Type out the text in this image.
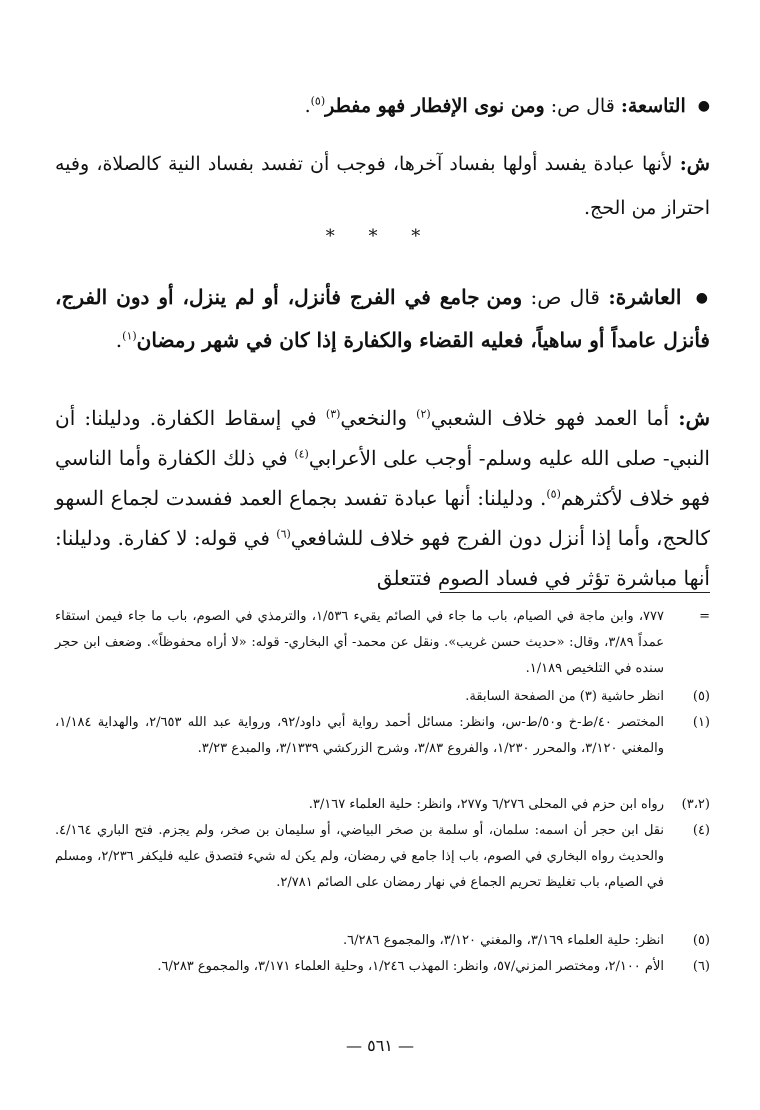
● التاسعة: قال ص: ومن نوى الإفطار فهو مفطر$^{(٥)}$.
ش: لأنها عبادة يفسد أولها بفساد آخرها، فوجب أن تفسد بفساد النية كالصلاة، وفيه احتراز من الحج.
* * *
● العاشرة: قال ص: ومن جامع في الفرج فأنزل، أو لم ينزل، أو دون الفرج، فأنزل عامداً أو ساهياً، فعليه القضاء والكفارة إذا كان في شهر رمضان$^{(١)}$.
ش: أما العمد فهو خلاف الشعبي$^{(٢)}$ والنخعي$^{(٣)}$ في إسقاط الكفارة. ودليلنا: أن النبي- صلى الله عليه وسلم- أوجب على الأعرابي$^{(٤)}$ في ذلك الكفارة وأما الناسي فهو خلاف لأكثرهم$^{(٥)}$. ودليلنا: أنها عبادة تفسد بجماع العمد ففسدت لجماع السهو كالحج، وأما إذا أنزل دون الفرج فهو خلاف للشافعي$^{(٦)}$ في قوله: لا كفارة. ودليلنا: أنها مباشرة تؤثر في فساد الصوم فتتعلق
=
٧٧٧، وابن ماجة في الصيام، باب ما جاء في الصائم يقيء ١/٥٣٦، والترمذي في الصوم، باب ما جاء فيمن استقاء عمداً ٣/٨٩، وقال: «حديث حسن غريب». ونقل عن محمد- أي البخاري- قوله: «لا أراه محفوظاً». وضعف ابن حجر سنده في التلخيص ١/١٨٩.
(٥)
انظر حاشية (٣) من الصفحة السابقة.
(١)
المختصر ٤٠/ط-خ و٥٠/ط-س، وانظر: مسائل أحمد رواية أبي داود/٩٢، ورواية عبد الله ٢/٦٥٣، والهداية ١/١٨٤، والمغني ٣/١٢٠، والمحرر ١/٢٣٠، والفروع ٣/٨٣، وشرح الزركشي ٣/١٣٣٩، والمبدع ٣/٢٣.
(٣،٢)
رواه ابن حزم في المحلى ٦/٢٧٦ و٢٧٧، وانظر: حلية العلماء ٣/١٦٧.
(٤)
نقل ابن حجر أن اسمه: سلمان، أو سلمة بن صخر البياضي، أو سليمان بن صخر، ولم يجزم. فتح الباري ٤/١٦٤. والحديث رواه البخاري في الصوم، باب إذا جامع في رمضان، ولم يكن له شيء فتصدق عليه فليكفر ٢/٢٣٦، ومسلم في الصيام، باب تغليظ تحريم الجماع في نهار رمضان على الصائم ٢/٧٨١.
(٥)
انظر: حلية العلماء ٣/١٦٩، والمغني ٣/١٢٠، والمجموع ٦/٢٨٦.
(٦)
الأم ٢/١٠٠، ومختصر المزني/٥٧، وانظر: المهذب ١/٢٤٦، وحلية العلماء ٣/١٧١، والمجموع ٦/٢٨٣.
— ٥٦١ —
